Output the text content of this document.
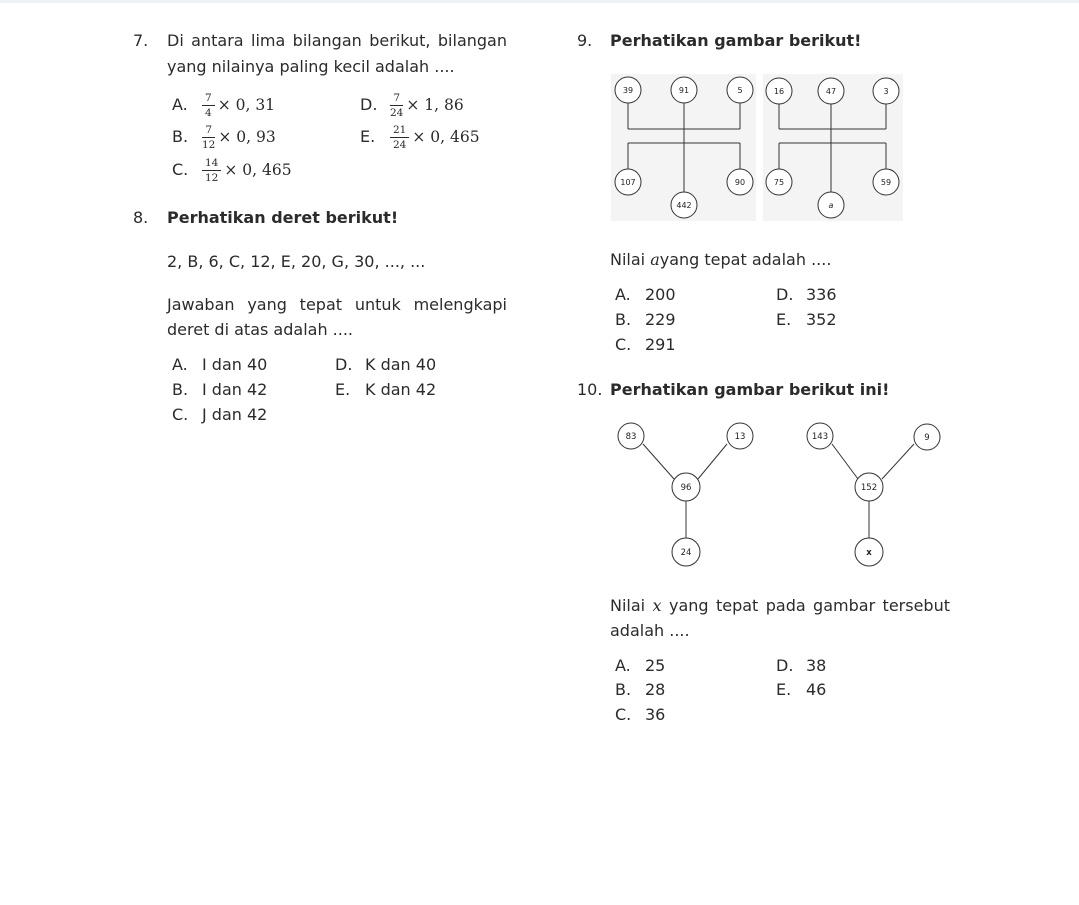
7. Di antara lima bilangan berikut, bilangan
yang nilainya paling kecil adalah ....
A. $\frac{7}{4} \times 0$, 31
B. $\frac{7}{12} \times 0$, 93
C. $\frac{14}{12} \times 0$, 465
D. $\frac{7}{24} \times 1$, 86
E. $\frac{21}{24} \times 0$, 465
8. Perhatikan deret berikut!
2, B, 6, C, 12, E, 20, G, 30, ..., ...
Jawaban yang tepat untuk melengkapi
deret di atas adalah ....
A. I dan 40
B. I dan 42
C. J dan 42
D. K dan 40
E. K dan 42
9. Perhatikan gambar berikut!
39	91	5
107
442
90
16	47	3
75
a
59
Nilai ayang tepat adalah ....
A. 200
B. 229
C. 291
D. 336
E. 352
10. Perhatikan gambar berikut ini!
83	13
96
24
143	9
152
x
Nilai x yang tepat pada gambar tersebut
adalah ....
A. 25
B. 28
C. 36
D. 38
E. 46
